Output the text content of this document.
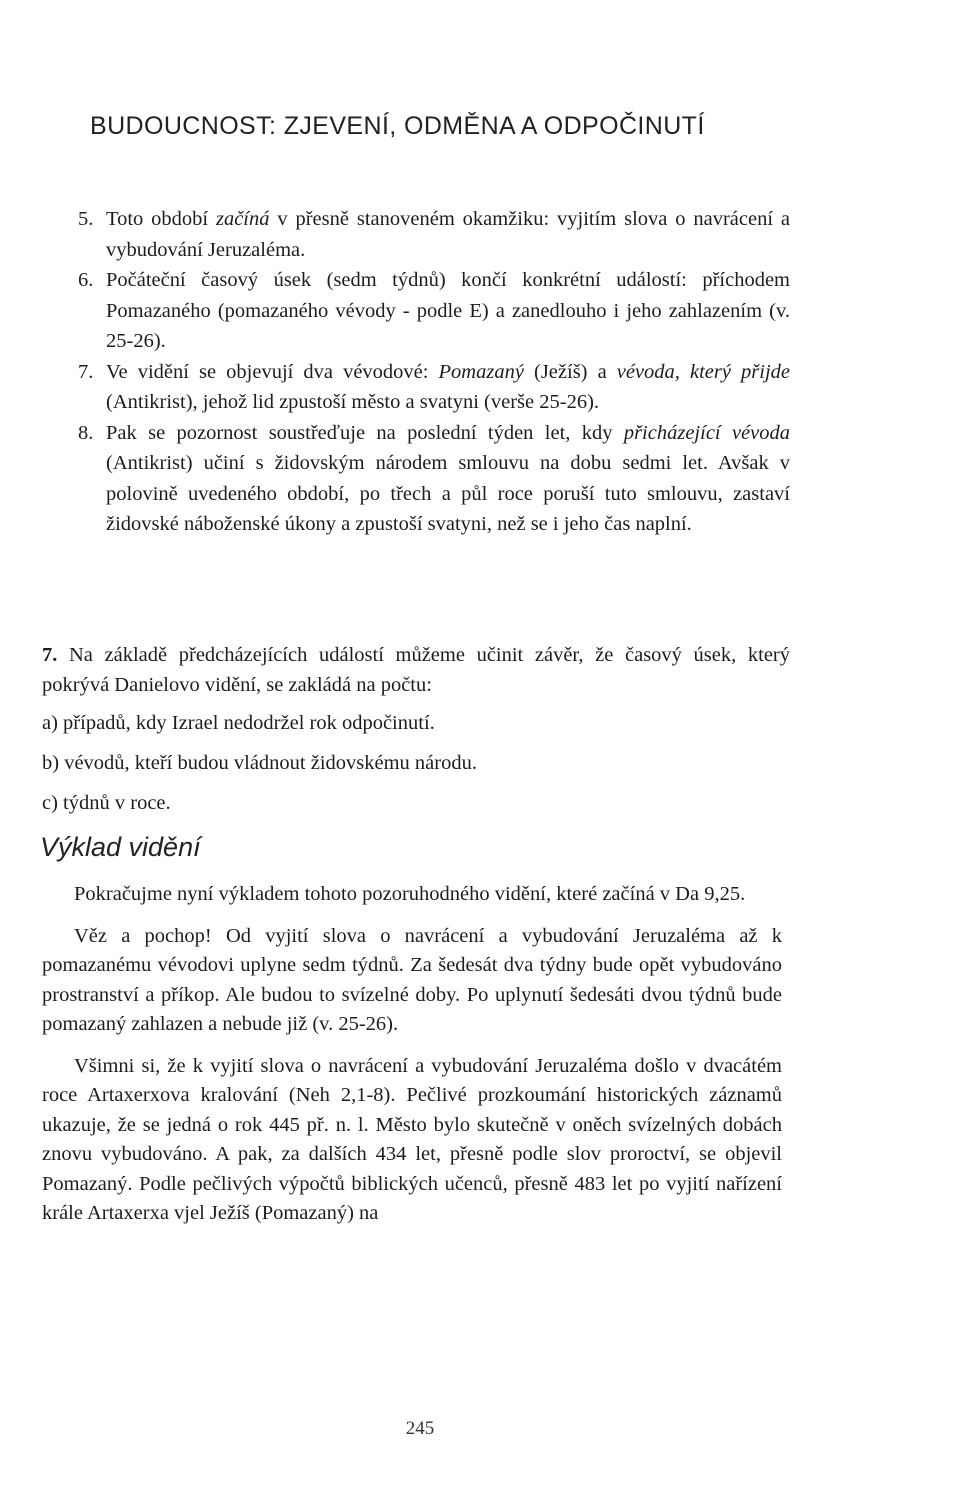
BUDOUCNOST: ZJEVENÍ, ODMĚNA A ODPOČINUTÍ
5. Toto období začíná v přesně stanoveném okamžiku: vyjitím slova o navrácení a vybudování Jeruzaléma.

6. Počáteční časový úsek (sedm týdnů) končí konkrétní událostí: příchodem Pomazaného (pomazaného vévody - podle E) a zanedlouho i jeho zahlazením (v. 25-26).

7. Ve vidění se objevují dva vévodové: Pomazaný (Ježíš) a vévoda, který přijde (Antikrist), jehož lid zpustoší město a svatyni (verše 25-26).

8. Pak se pozornost soustřeďuje na poslední týden let, kdy přicházející vévoda (Antikrist) učiní s židovským národem smlouvu na dobu sedmi let. Avšak v polovině uvedeného období, po třech a půl roce poruší tuto smlouvu, zastaví židovské náboženské úkony a zpustoší svatyni, než se i jeho čas naplní.

7. Na základě předcházejících událostí můžeme učinit závěr, že časový úsek, který pokrývá Danielovo vidění, se zakládá na počtu:

a) případů, kdy Izrael nedodržel rok odpočinutí.

b) vévodů, kteří budou vládnout židovskému národu.

c) týdnů v roce.

Výklad vidění

Pokračujme nyní výkladem tohoto pozoruhodného vidění, které začíná v Da 9,25.

Věz a pochop! Od vyjití slova o navrácení a vybudování Jeruzaléma až k pomazanému vévodovi uplyne sedm týdnů. Za šedesát dva týdny bude opět vybudováno prostranství a příkop. Ale budou to svízelné doby. Po uplynutí šedesáti dvou týdnů bude pomazaný zahlazen a nebude již (v. 25-26).

Všimni si, že k vyjití slova o navrácení a vybudování Jeruzaléma došlo v dvacátém roce Artaxerxova kralování (Neh 2,1-8). Pečlivé prozkoumání historických záznamů ukazuje, že se jedná o rok 445 př. n. l. Město bylo skutečně v oněch svízelných dobách znovu vybudováno. A pak, za dalších 434 let, přesně podle slov proroctví, se objevil Pomazaný. Podle pečlivých výpočtů biblických učenců, přesně 483 let po vyjití nařízení krále Artaxerxa vjel Ježíš (Pomazaný) na

245
